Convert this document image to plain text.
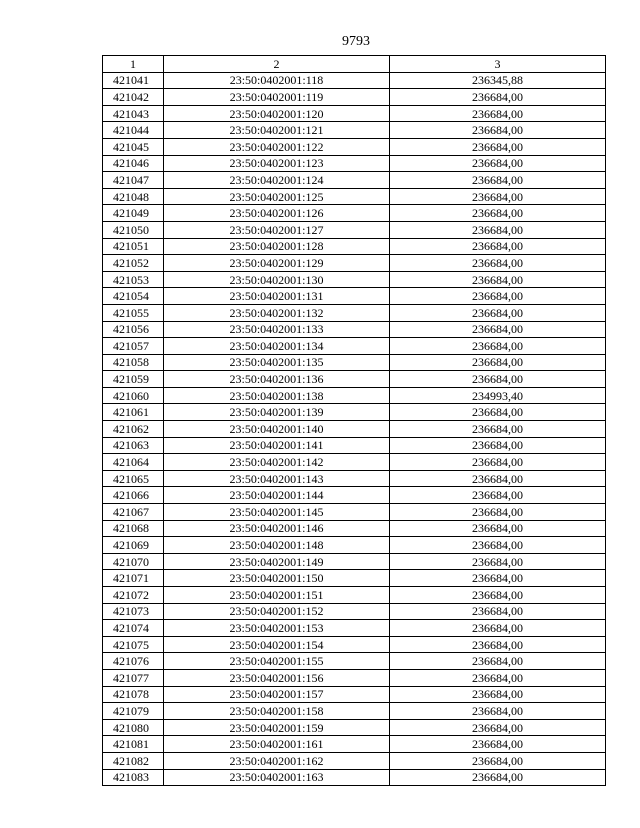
9793
1	2	3
421041	23:50:0402001:118	236345,88
421042	23:50:0402001:119	236684,00
421043	23:50:0402001:120	236684,00
421044	23:50:0402001:121	236684,00
421045	23:50:0402001:122	236684,00
421046	23:50:0402001:123	236684,00
421047	23:50:0402001:124	236684,00
421048	23:50:0402001:125	236684,00
421049	23:50:0402001:126	236684,00
421050	23:50:0402001:127	236684,00
421051	23:50:0402001:128	236684,00
421052	23:50:0402001:129	236684,00
421053	23:50:0402001:130	236684,00
421054	23:50:0402001:131	236684,00
421055	23:50:0402001:132	236684,00
421056	23:50:0402001:133	236684,00
421057	23:50:0402001:134	236684,00
421058	23:50:0402001:135	236684,00
421059	23:50:0402001:136	236684,00
421060	23:50:0402001:138	234993,40
421061	23:50:0402001:139	236684,00
421062	23:50:0402001:140	236684,00
421063	23:50:0402001:141	236684,00
421064	23:50:0402001:142	236684,00
421065	23:50:0402001:143	236684,00
421066	23:50:0402001:144	236684,00
421067	23:50:0402001:145	236684,00
421068	23:50:0402001:146	236684,00
421069	23:50:0402001:148	236684,00
421070	23:50:0402001:149	236684,00
421071	23:50:0402001:150	236684,00
421072	23:50:0402001:151	236684,00
421073	23:50:0402001:152	236684,00
421074	23:50:0402001:153	236684,00
421075	23:50:0402001:154	236684,00
421076	23:50:0402001:155	236684,00
421077	23:50:0402001:156	236684,00
421078	23:50:0402001:157	236684,00
421079	23:50:0402001:158	236684,00
421080	23:50:0402001:159	236684,00
421081	23:50:0402001:161	236684,00
421082	23:50:0402001:162	236684,00
421083	23:50:0402001:163	236684,00
